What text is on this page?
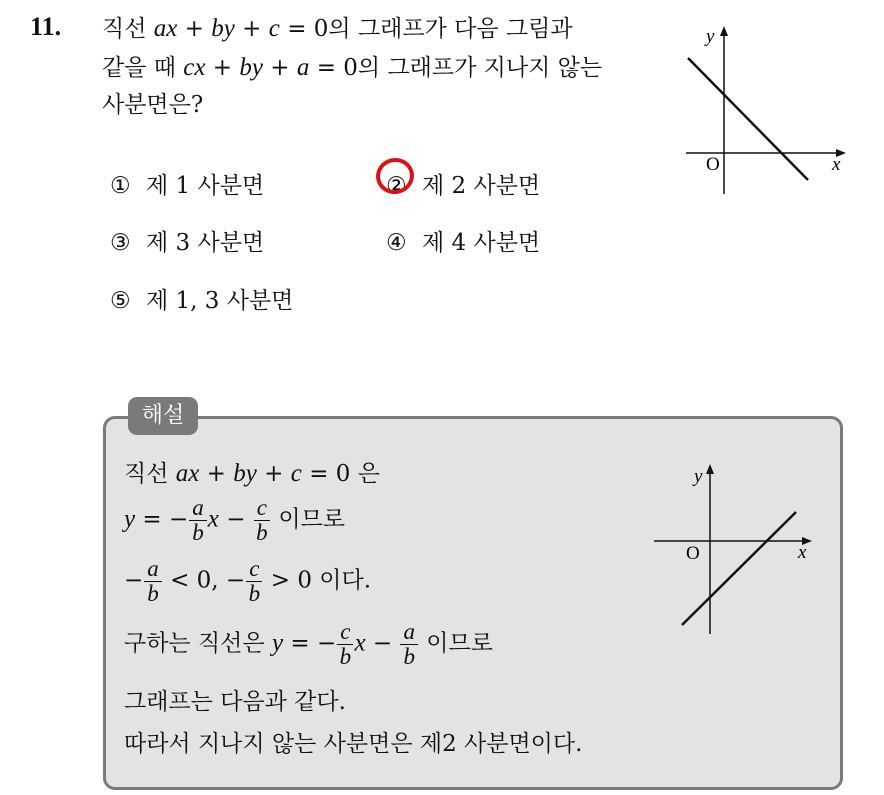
11. 직선 ax + by + c = 0의 그래프가 다음 그림과
같을 때 cx + by + a = 0의 그래프가 지나지 않는
사분면은?
O	x
y
① 제 1 사분면	② 제 2 사분면
③ 제 3 사분면	④ 제 4 사분면
⑤ 제 1, 3 사분면
해설
직선 ax + by + c = 0 은
y = − $\frac{a}{b}$ $x - \frac{c}{b}$ 이므로
− $\frac{a}{b} < 0$, − $\frac{c}{b} > 0$ 이다.
구하는 직선은 y = − $\frac{c}{b}$ $x - \frac{a}{b}$ 이므로
그래프는 다음과 같다.
따라서 지나지 않는 사분면은 제2 사분면이다.
O	x
y
